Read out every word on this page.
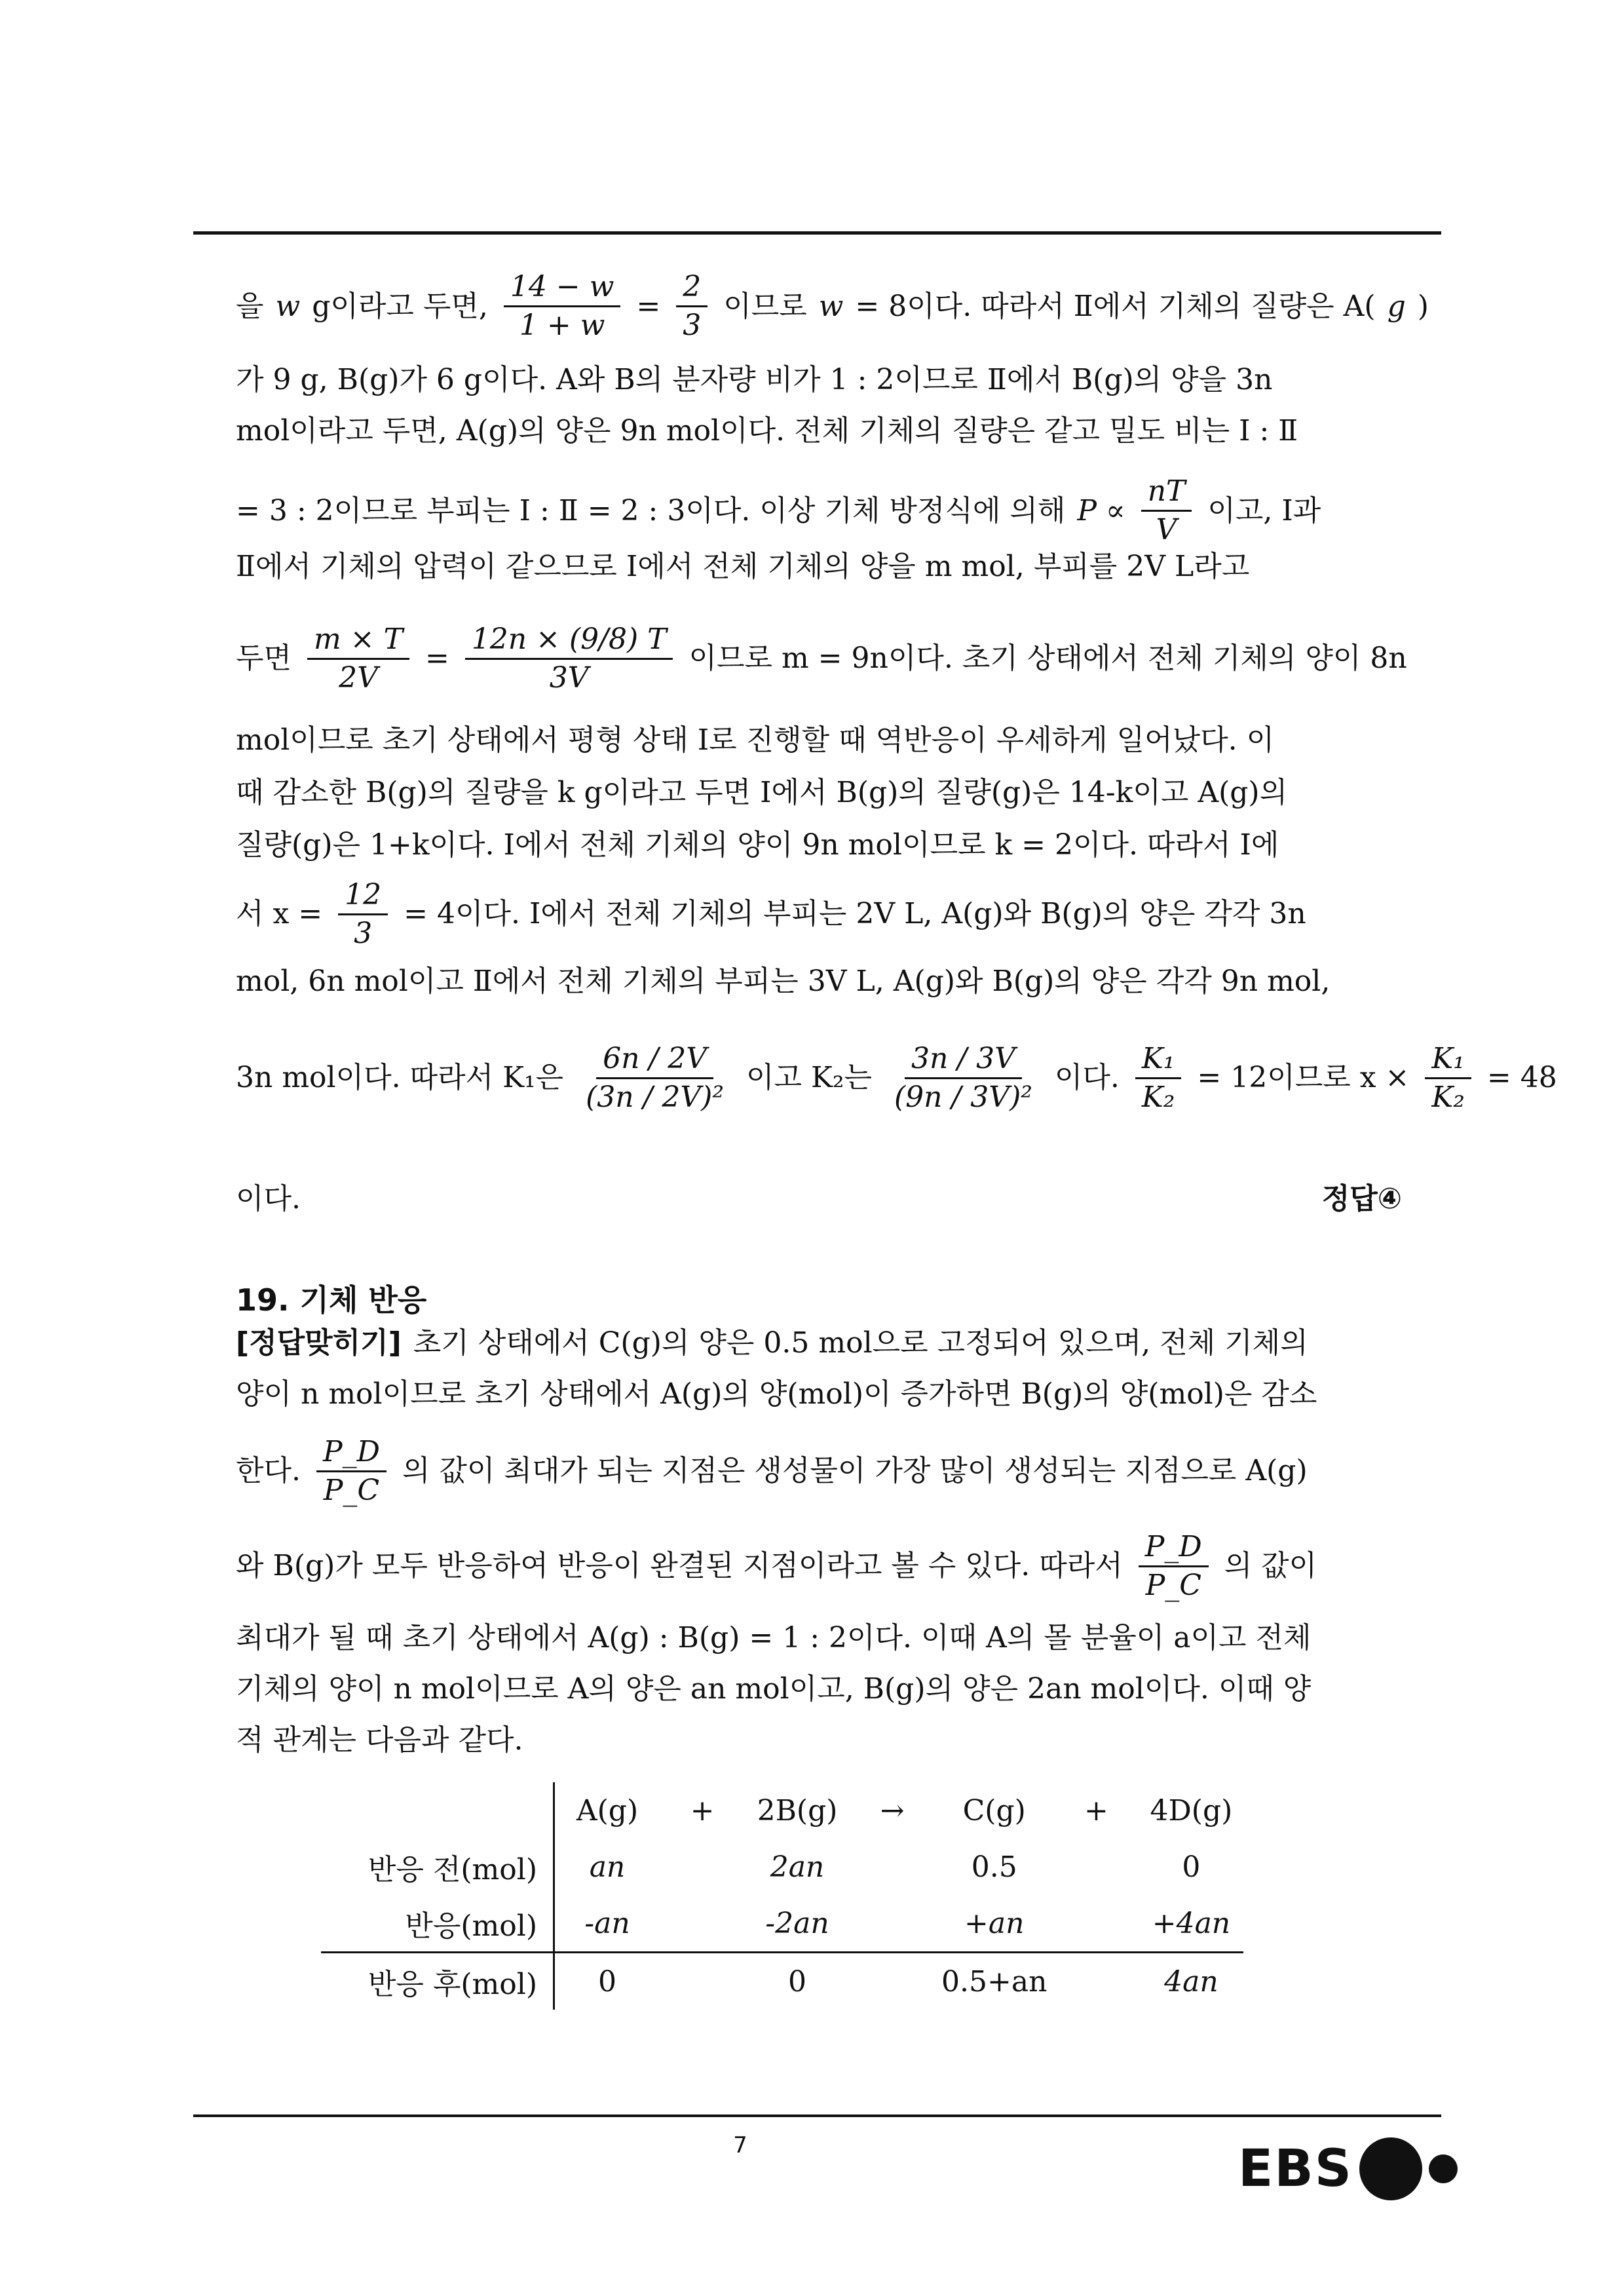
을 w g이라고 두면, $\frac{14 - w}{1 + w} = \frac{2}{3}$ 이므로 w = 8이다. 따라서 Ⅱ에서 기체의 질량은 A( g )
가 9 g, B(g)가 6 g이다. A와 B의 분자량 비가 1 : 2이므로 Ⅱ에서 B(g)의 양을 3n
mol이라고 두면, A(g)의 양은 9n mol이다. 전체 기체의 질량은 같고 밀도 비는 Ⅰ : Ⅱ
= 3 : 2이므로 부피는 Ⅰ : Ⅱ = 2 : 3이다. 이상 기체 방정식에 의해 $P \propto \frac{nT}{V}$ 이고, Ⅰ과
Ⅱ에서 기체의 압력이 같으므로 Ⅰ에서 전체 기체의 양을 m mol, 부피를 2V L라고
두면 $\frac{m \times T}{2V} = \frac{12n \times (9/8) T}{3V}$ 이므로 m = 9n이다. 초기 상태에서 전체 기체의 양이 8n
mol이므로 초기 상태에서 평형 상태 Ⅰ로 진행할 때 역반응이 우세하게 일어났다. 이
때 감소한 B(g)의 질량을 k g이라고 두면 Ⅰ에서 B(g)의 질량(g)은 14-k이고 A(g)의
질량(g)은 1+k이다. Ⅰ에서 전체 기체의 양이 9n mol이므로 k = 2이다. 따라서 Ⅰ에
서 $x = \frac{12}{3} = 4$이다. Ⅰ에서 전체 기체의 부피는 2V L, A(g)와 B(g)의 양은 각각 3n
mol, 6n mol이고 Ⅱ에서 전체 기체의 부피는 3V L, A(g)와 B(g)의 양은 각각 9n mol,
3n mol이다. 따라서 K₁은 $\frac{6n / 2V}{\text{(3n / 2V)²}}$ 이고 K₂는 $\frac{3n / 3V}{\text{(9n / 3V)²}}$ 이다. $\frac{\text{K₁}}{\text{K₂}} = 12$이므로 $x \times \frac{\text{K₁}}{\text{K₂}} = 48$
이다.	정답④
19. 기체 반응
[정답맞히기] 초기 상태에서 C(g)의 양은 0.5 mol으로 고정되어 있으며, 전체 기체의
양이 n mol이므로 초기 상태에서 A(g)의 양(mol)이 증가하면 B(g)의 양(mol)은 감소
한다. $\frac{P\_D}{P\_C}$ 의 값이 최대가 되는 지점은 생성물이 가장 많이 생성되는 지점으로 A(g)
와 B(g)가 모두 반응하여 반응이 완결된 지점이라고 볼 수 있다. 따라서 $\frac{P\_D}{P\_C}$ 의 값이
최대가 될 때 초기 상태에서 A(g) : B(g) = 1 : 2이다. 이때 A의 몰 분율이 a이고 전체
기체의 양이 n mol이므로 A의 양은 an mol이고, B(g)의 양은 2an mol이다. 이때 양
적 관계는 다음과 같다.
	A(g)	+	2B(g)	→	C(g)	+	4D(g)
반응 전(mol)	an		2an		0.5		0
반응(mol)	-an		-2an		+an		+4an
반응 후(mol)	0		0		0.5+an		4an
7	EBS
